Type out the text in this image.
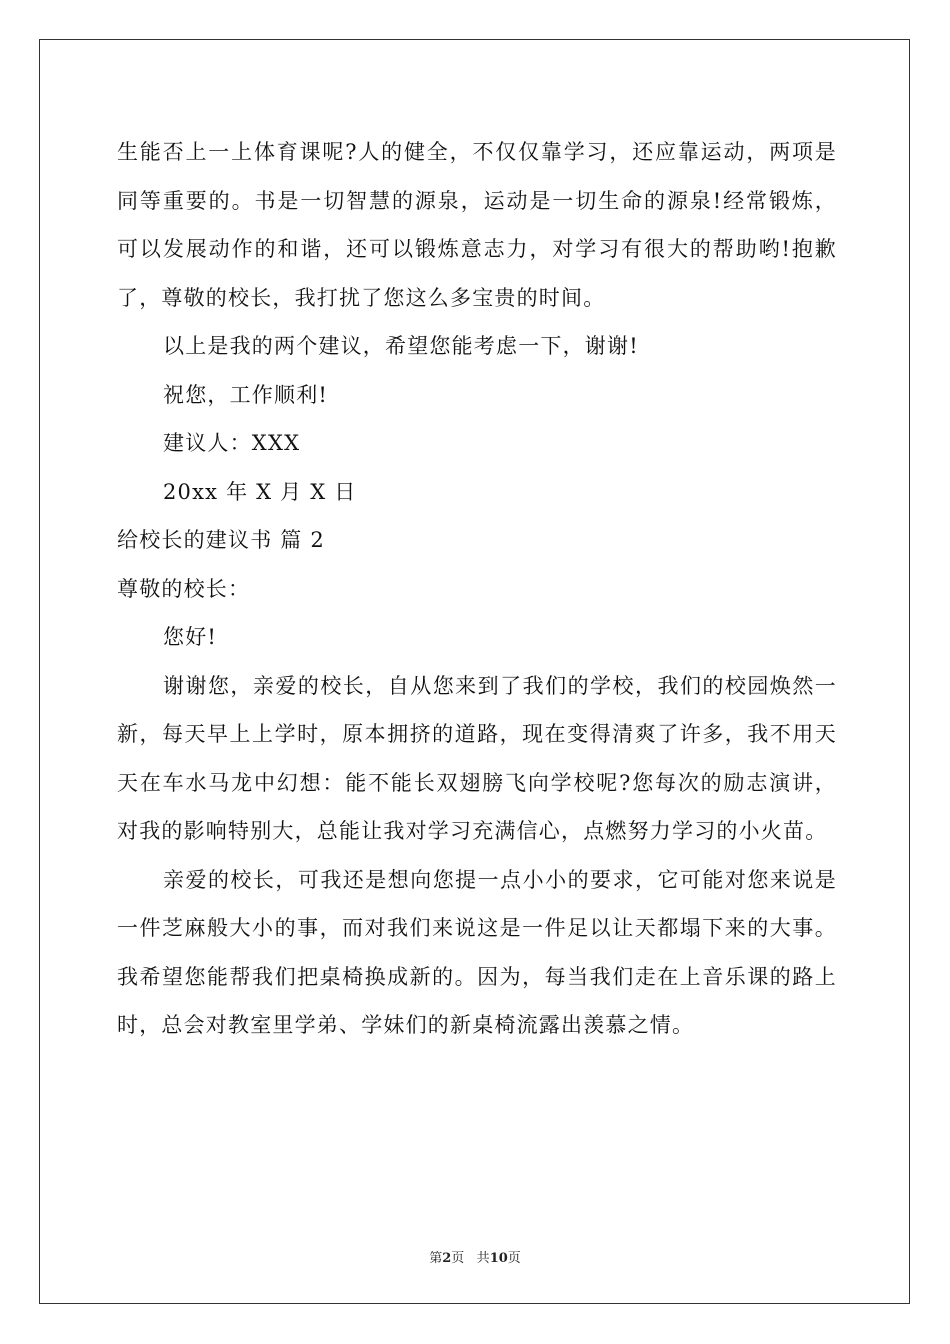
生能否上一上体育课呢?人的健全，不仅仅靠学习，还应靠运动，两项是同等重要的。书是一切智慧的源泉，运动是一切生命的源泉!经常锻炼，可以发展动作的和谐，还可以锻炼意志力，对学习有很大的帮助哟!抱歉了，尊敬的校长，我打扰了您这么多宝贵的时间。

以上是我的两个建议，希望您能考虑一下，谢谢!

祝您，工作顺利!

建议人：XXX

20xx 年 X 月 X 日

给校长的建议书 篇 2

尊敬的校长：

您好!

谢谢您，亲爱的校长，自从您来到了我们的学校，我们的校园焕然一新，每天早上上学时，原本拥挤的道路，现在变得清爽了许多，我不用天天在车水马龙中幻想：能不能长双翅膀飞向学校呢?您每次的励志演讲，对我的影响特别大，总能让我对学习充满信心，点燃努力学习的小火苗。

亲爱的校长，可我还是想向您提一点小小的要求，它可能对您来说是一件芝麻般大小的事，而对我们来说这是一件足以让天都塌下来的大事。我希望您能帮我们把桌椅换成新的。因为，每当我们走在上音乐课的路上时，总会对教室里学弟、学妹们的新桌椅流露出羡慕之情。

第2页 共10页
